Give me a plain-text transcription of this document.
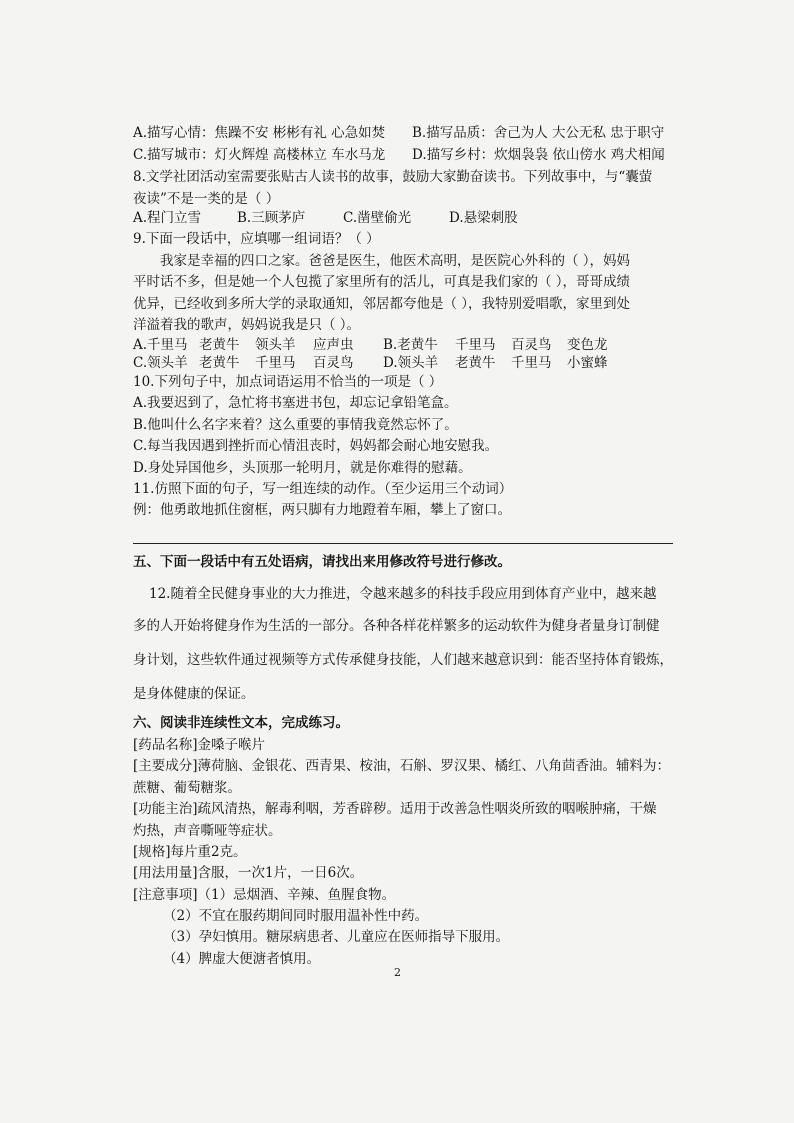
A.描写心情：焦躁不安 彬彬有礼 心急如焚 B.描写品质：舍己为人 大公无私 忠于职守
C.描写城市：灯火辉煌 高楼林立 车水马龙 D.描写乡村：炊烟袅袅 依山傍水 鸡犬相闻
8.文学社团活动室需要张贴古人读书的故事，鼓励大家勤奋读书。下列故事中，与“囊萤
夜读”不是一类的是（ ）
A.程门立雪	B.三顾茅庐	C.凿壁偷光	D.悬梁刺股
9.下面一段话中，应填哪一组词语？（ ）
我家是幸福的四口之家。爸爸是医生，他医术高明，是医院心外科的（ ），妈妈
平时话不多，但是她一个人包揽了家里所有的活儿，可真是我们家的（ ），哥哥成绩
优异，已经收到多所大学的录取通知，邻居都夸他是（ ），我特别爱唱歌，家里到处
洋溢着我的歌声，妈妈说我是只（ ）。
A.千里马 老黄牛 领头羊 应声虫 B.老黄牛 千里马 百灵鸟 变色龙
C.领头羊 老黄牛 千里马 百灵鸟 D.领头羊 老黄牛 千里马 小蜜蜂
10.下列句子中，加点词语运用不恰当的一项是（ ）
A.我要迟到了，急忙将书塞进书包，却忘记拿铅笔盒。
B.他叫什么名字来着？这么重要的事情我竟然忘怀了。
C.每当我因遇到挫折而心情沮丧时，妈妈都会耐心地安慰我。
D.身处异国他乡，头顶那一轮明月，就是你难得的慰藉。
11.仿照下面的句子，写一组连续的动作。（至少运用三个动词）
例：他勇敢地抓住窗框，两只脚有力地蹬着车厢，攀上了窗口。
五、下面一段话中有五处语病，请找出来用修改符号进行修改。
12.随着全民健身事业的大力推进，令越来越多的科技手段应用到体育产业中，越来越
多的人开始将健身作为生活的一部分。各种各样花样繁多的运动软件为健身者量身订制健
身计划，这些软件通过视频等方式传承健身技能，人们越来越意识到：能否坚持体育锻炼，
是身体健康的保证。
六、阅读非连续性文本，完成练习。
[药品名称]金嗓子喉片
[主要成分]薄荷脑、金银花、西青果、桉油，石斛、罗汉果、橘红、八角茴香油。辅料为：
蔗糖、葡萄糖浆。
[功能主治]疏风清热，解毒利咽，芳香辟秽。适用于改善急性咽炎所致的咽喉肿痛，干燥
灼热，声音嘶哑等症状。
[规格]每片重2克。
[用法用量]含服，一次1片，一日6次。
[注意事项]（1）忌烟酒、辛辣、鱼腥食物。
（2）不宜在服药期间同时服用温补性中药。
（3）孕妇慎用。糖尿病患者、儿童应在医师指导下服用。
（4）脾虚大便溏者慎用。
2
